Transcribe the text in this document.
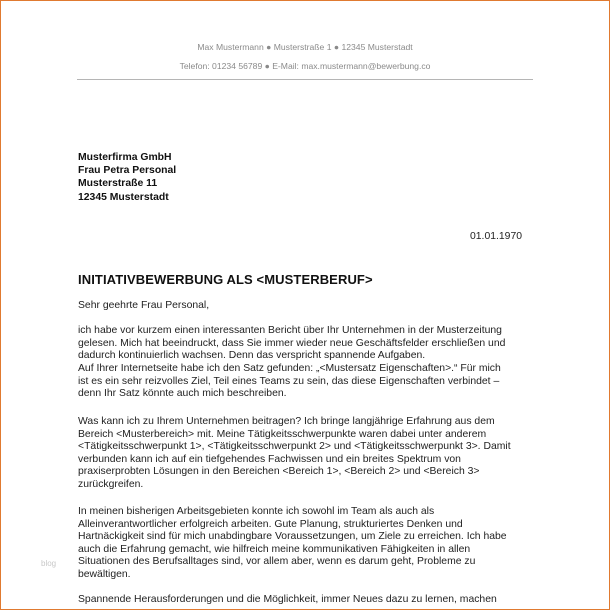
Max Mustermann ● Musterstraße 1 ● 12345 Musterstadt
Telefon: 01234 56789 ● E-Mail: max.mustermann@bewerbung.co
Musterfirma GmbH
Frau Petra Personal
Musterstraße 11
12345 Musterstadt
01.01.1970
INITIATIVBEWERBUNG ALS <MUSTERBERUF>
Sehr geehrte Frau Personal,
ich habe vor kurzem einen interessanten Bericht über Ihr Unternehmen in der Musterzeitung
gelesen. Mich hat beeindruckt, dass Sie immer wieder neue Geschäftsfelder erschließen und
dadurch kontinuierlich wachsen. Denn das verspricht spannende Aufgaben.
Auf Ihrer Internetseite habe ich den Satz gefunden: „<Mustersatz Eigenschaften>.“ Für mich
ist es ein sehr reizvolles Ziel, Teil eines Teams zu sein, das diese Eigenschaften verbindet –
denn Ihr Satz könnte auch mich beschreiben.
Was kann ich zu Ihrem Unternehmen beitragen? Ich bringe langjährige Erfahrung aus dem
Bereich <Musterbereich> mit. Meine Tätigkeitsschwerpunkte waren dabei unter anderem
<Tätigkeitsschwerpunkt 1>, <Tätigkeitsschwerpunkt 2> und <Tätigkeitsschwerpunkt 3>. Damit
verbunden kann ich auf ein tiefgehendes Fachwissen und ein breites Spektrum von
praxiserprobten Lösungen in den Bereichen <Bereich 1>, <Bereich 2> und <Bereich 3>
zurückgreifen.
In meinen bisherigen Arbeitsgebieten konnte ich sowohl im Team als auch als
Alleinverantwortlicher erfolgreich arbeiten. Gute Planung, strukturiertes Denken und
Hartnäckigkeit sind für mich unabdingbare Voraussetzungen, um Ziele zu erreichen. Ich habe
auch die Erfahrung gemacht, wie hilfreich meine kommunikativen Fähigkeiten in allen
Situationen des Berufsalltages sind, vor allem aber, wenn es darum geht, Probleme zu
bewältigen.
Spannende Herausforderungen und die Möglichkeit, immer Neues dazu zu lernen, machen
blog
